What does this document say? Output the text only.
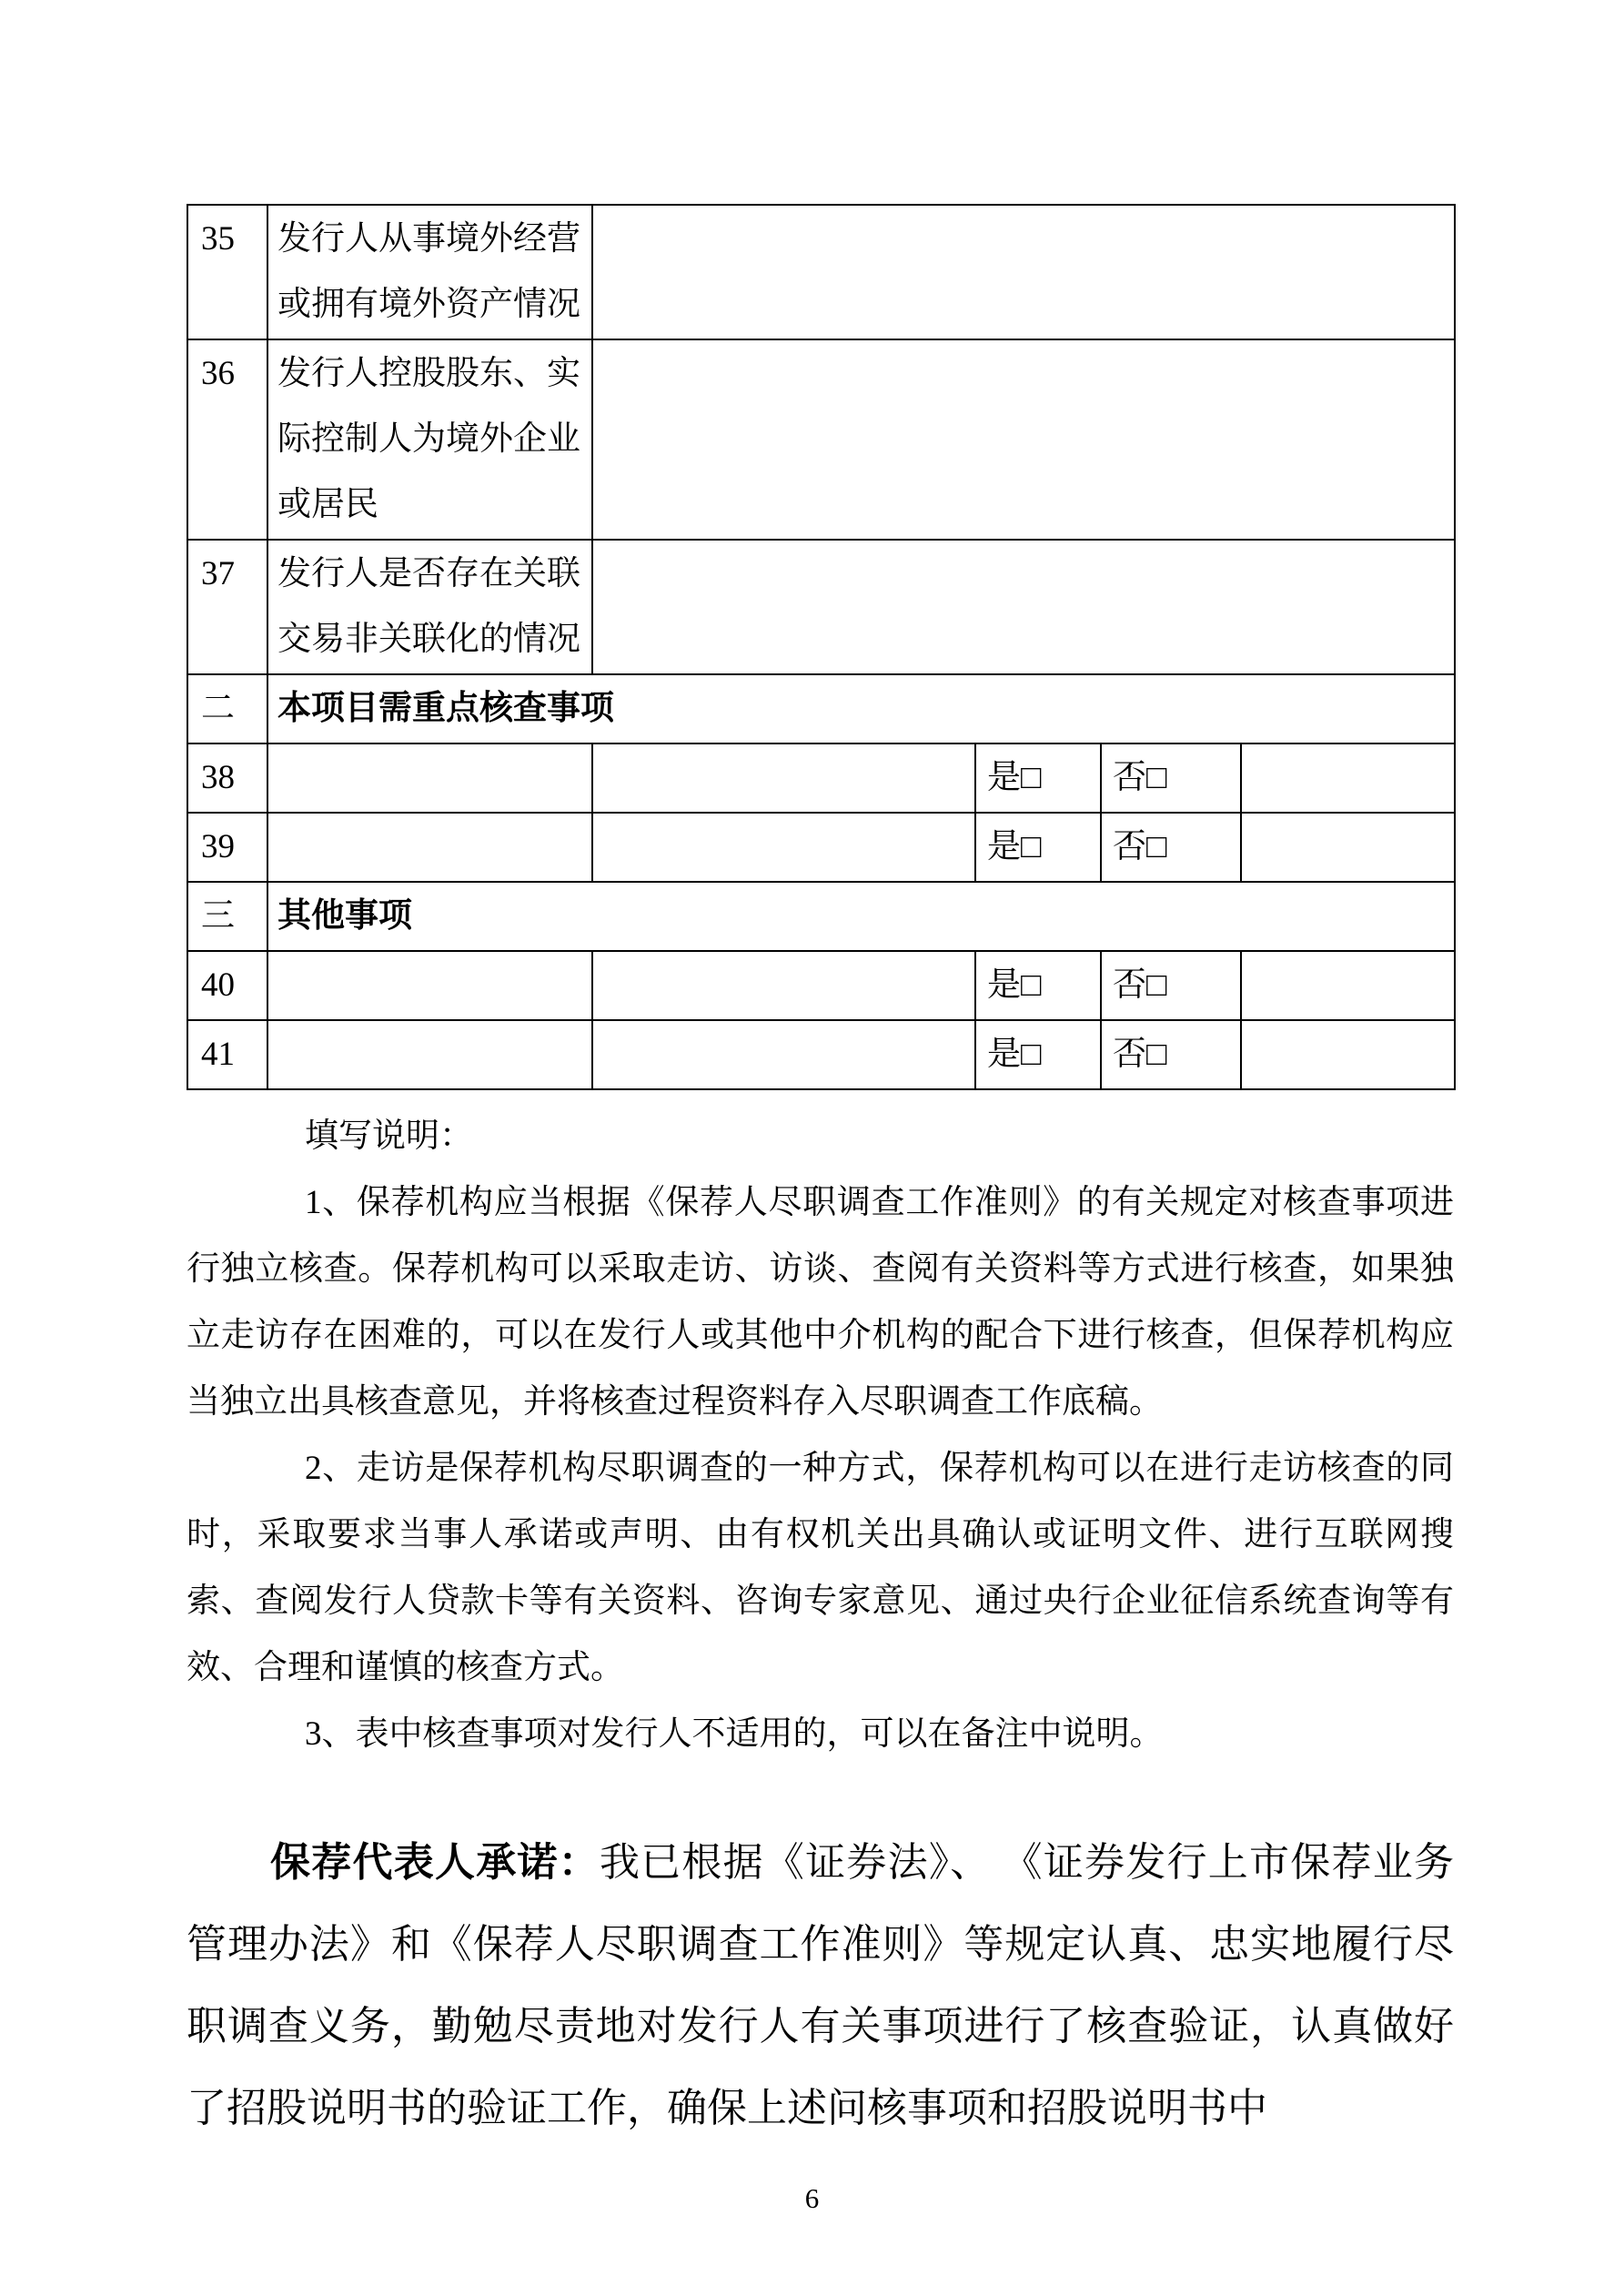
35	发行人从事境外经营或拥有境外资产情况				
36	发行人控股股东、实际控制人为境外企业或居民				
37	发行人是否存在关联交易非关联化的情况				
二	本项目需重点核查事项				
38			是□	否□	
39			是□	否□	
三	其他事项				
40			是□	否□	
41			是□	否□	

填写说明：

1、保荐机构应当根据《保荐人尽职调查工作准则》的有关规定对核查事项进行独立核查。保荐机构可以采取走访、访谈、查阅有关资料等方式进行核查，如果独立走访存在困难的，可以在发行人或其他中介机构的配合下进行核查，但保荐机构应当独立出具核查意见，并将核查过程资料存入尽职调查工作底稿。

2、走访是保荐机构尽职调查的一种方式，保荐机构可以在进行走访核查的同时，采取要求当事人承诺或声明、由有权机关出具确认或证明文件、进行互联网搜索、查阅发行人贷款卡等有关资料、咨询专家意见、通过央行企业征信系统查询等有效、合理和谨慎的核查方式。

3、表中核查事项对发行人不适用的，可以在备注中说明。

保荐代表人承诺：我已根据《证券法》、 《证券发行上市保荐业务管理办法》和《保荐人尽职调查工作准则》等规定认真、忠实地履行尽职调查义务，勤勉尽责地对发行人有关事项进行了核查验证，认真做好了招股说明书的验证工作，确保上述问核事项和招股说明书中

6
